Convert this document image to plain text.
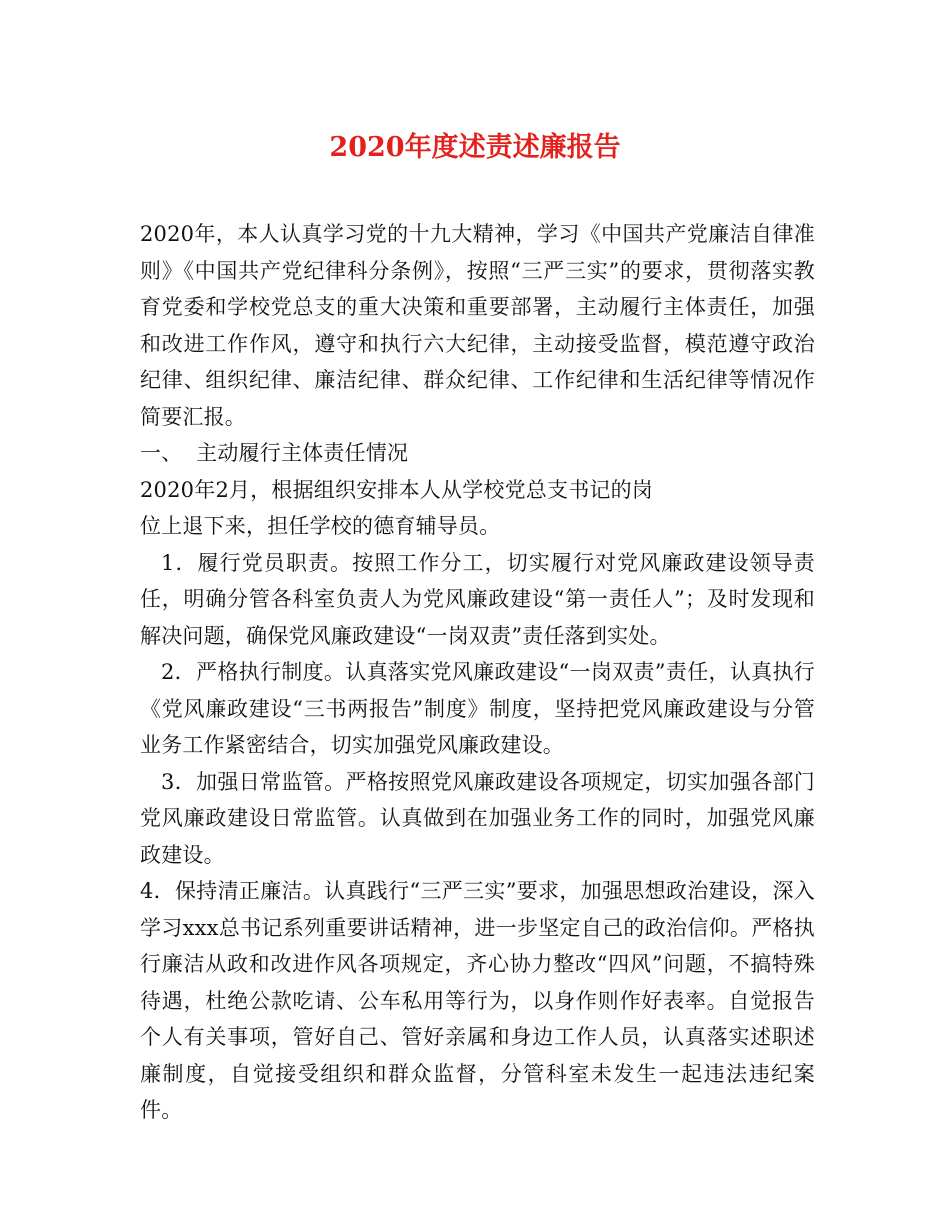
2020年度述责述廉报告

2020年，本人认真学习党的十九大精神，学习《中国共产党廉洁自律准则》《中国共产党纪律科分条例》，按照“三严三实”的要求，贯彻落实教育党委和学校党总支的重大决策和重要部署，主动履行主体责任，加强和改进工作作风，遵守和执行六大纪律，主动接受监督，模范遵守政治纪律、组织纪律、廉洁纪律、群众纪律、工作纪律和生活纪律等情况作简要汇报。

一、  主动履行主体责任情况

2020年2月，根据组织安排本人从学校党总支书记的岗

位上退下来，担任学校的德育辅导员。

1．履行党员职责。按照工作分工，切实履行对党风廉政建设领导责任，明确分管各科室负责人为党风廉政建设“第一责任人”；及时发现和解决问题，确保党风廉政建设“一岗双责”责任落到实处。

2．严格执行制度。认真落实党风廉政建设“一岗双责”责任，认真执行《党风廉政建设“三书两报告”制度》制度，坚持把党风廉政建设与分管业务工作紧密结合，切实加强党风廉政建设。

3．加强日常监管。严格按照党风廉政建设各项规定，切实加强各部门党风廉政建设日常监管。认真做到在加强业务工作的同时，加强党风廉政建设。

4．保持清正廉洁。认真践行“三严三实”要求，加强思想政治建设，深入学习xxx总书记系列重要讲话精神，进一步坚定自己的政治信仰。严格执行廉洁从政和改进作风各项规定，齐心协力整改“四风”问题，不搞特殊待遇，杜绝公款吃请、公车私用等行为，以身作则作好表率。自觉报告个人有关事项，管好自己、管好亲属和身边工作人员，认真落实述职述廉制度，自觉接受组织和群众监督，分管科室未发生一起违法违纪案件。
